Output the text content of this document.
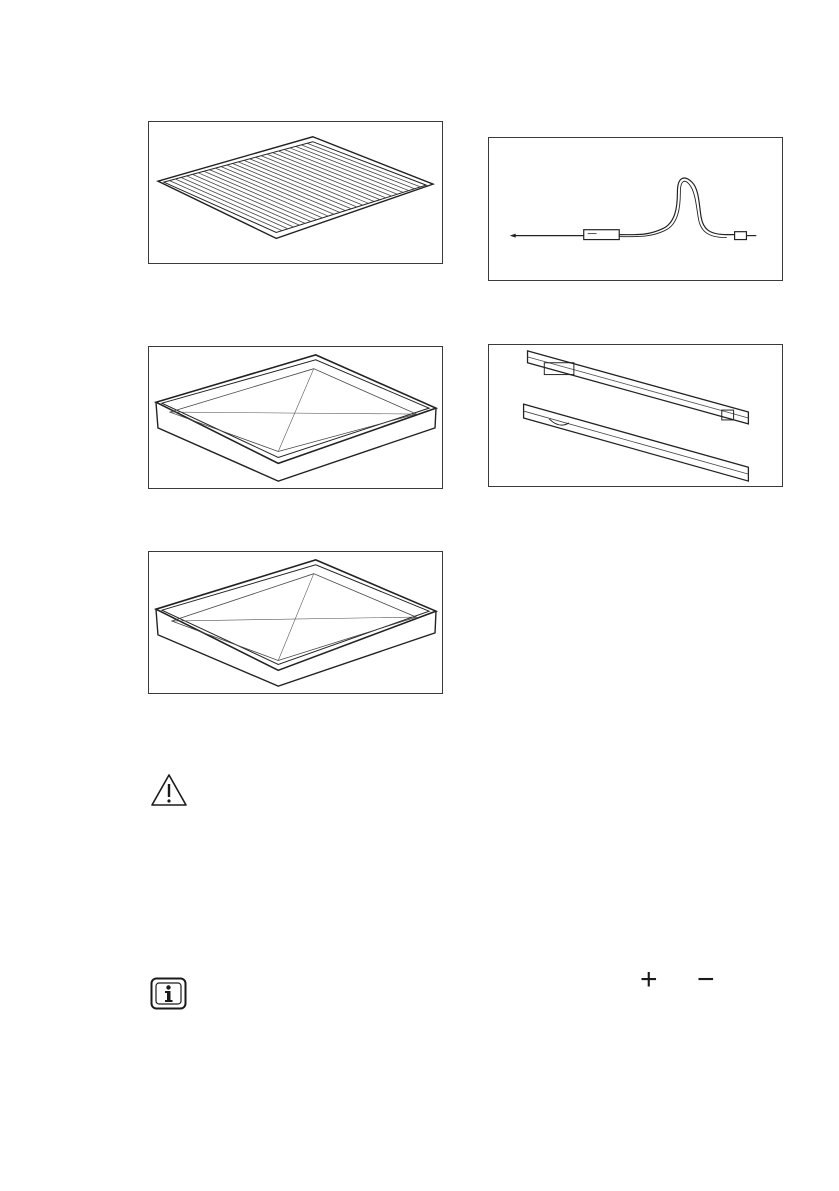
+ −
